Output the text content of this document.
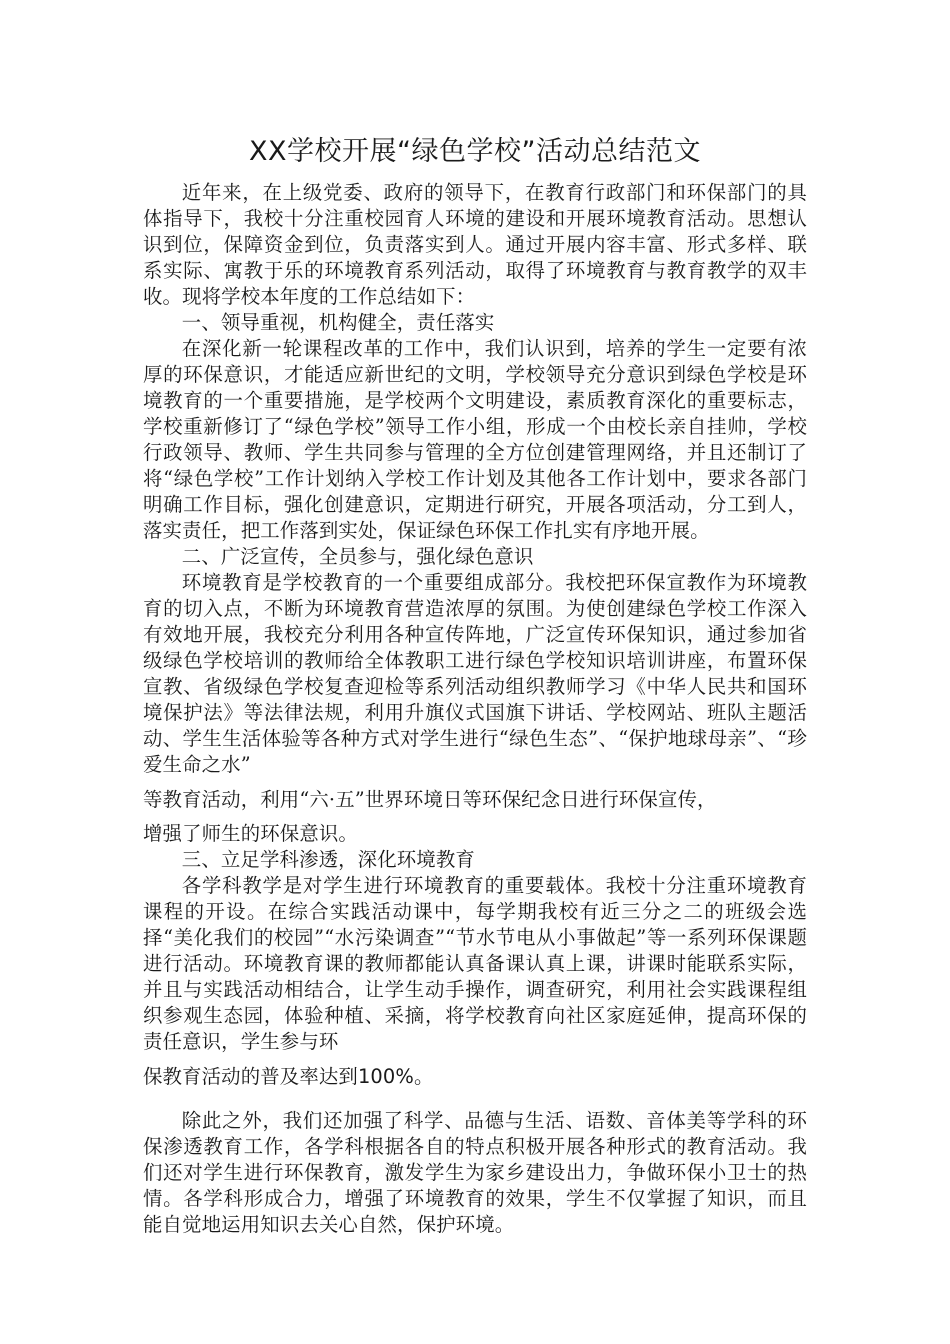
XX学校开展“绿色学校”活动总结范文

近年来，在上级党委、政府的领导下，在教育行政部门和环保部门的具体指导下，我校十分注重校园育人环境的建设和开展环境教育活动。思想认识到位，保障资金到位，负责落实到人。通过开展内容丰富、形式多样、联系实际、寓教于乐的环境教育系列活动，取得了环境教育与教育教学的双丰收。现将学校本年度的工作总结如下：

一、领导重视，机构健全，责任落实

在深化新一轮课程改革的工作中，我们认识到，培养的学生一定要有浓厚的环保意识，才能适应新世纪的文明，学校领导充分意识到绿色学校是环境教育的一个重要措施，是学校两个文明建设，素质教育深化的重要标志，学校重新修订了“绿色学校”领导工作小组，形成一个由校长亲自挂帅，学校行政领导、教师、学生共同参与管理的全方位创建管理网络，并且还制订了将“绿色学校”工作计划纳入学校工作计划及其他各工作计划中，要求各部门明确工作目标，强化创建意识，定期进行研究，开展各项活动，分工到人，落实责任，把工作落到实处，保证绿色环保工作扎实有序地开展。

二、广泛宣传，全员参与，强化绿色意识

环境教育是学校教育的一个重要组成部分。我校把环保宣教作为环境教育的切入点，不断为环境教育营造浓厚的氛围。为使创建绿色学校工作深入有效地开展，我校充分利用各种宣传阵地，广泛宣传环保知识，通过参加省级绿色学校培训的教师给全体教职工进行绿色学校知识培训讲座，布置环保宣教、省级绿色学校复查迎检等系列活动组织教师学习《中华人民共和国环境保护法》等法律法规，利用升旗仪式国旗下讲话、学校网站、班队主题活动、学生生活体验等各种方式对学生进行“绿色生态”、“保护地球母亲”、“珍爱生命之水”

等教育活动，利用“六·五”世界环境日等环保纪念日进行环保宣传，

增强了师生的环保意识。

三、立足学科渗透，深化环境教育

各学科教学是对学生进行环境教育的重要载体。我校十分注重环境教育课程的开设。在综合实践活动课中，每学期我校有近三分之二的班级会选择“美化我们的校园”“水污染调查”“节水节电从小事做起”等一系列环保课题进行活动。环境教育课的教师都能认真备课认真上课，讲课时能联系实际，并且与实践活动相结合，让学生动手操作，调查研究，利用社会实践课程组织参观生态园，体验种植、采摘，将学校教育向社区家庭延伸，提高环保的责任意识，学生参与环

保教育活动的普及率达到100%。

除此之外，我们还加强了科学、品德与生活、语数、音体美等学科的环保渗透教育工作，各学科根据各自的特点积极开展各种形式的教育活动。我们还对学生进行环保教育，激发学生为家乡建设出力，争做环保小卫士的热情。各学科形成合力，增强了环境教育的效果，学生不仅掌握了知识，而且能自觉地运用知识去关心自然，保护环境。
